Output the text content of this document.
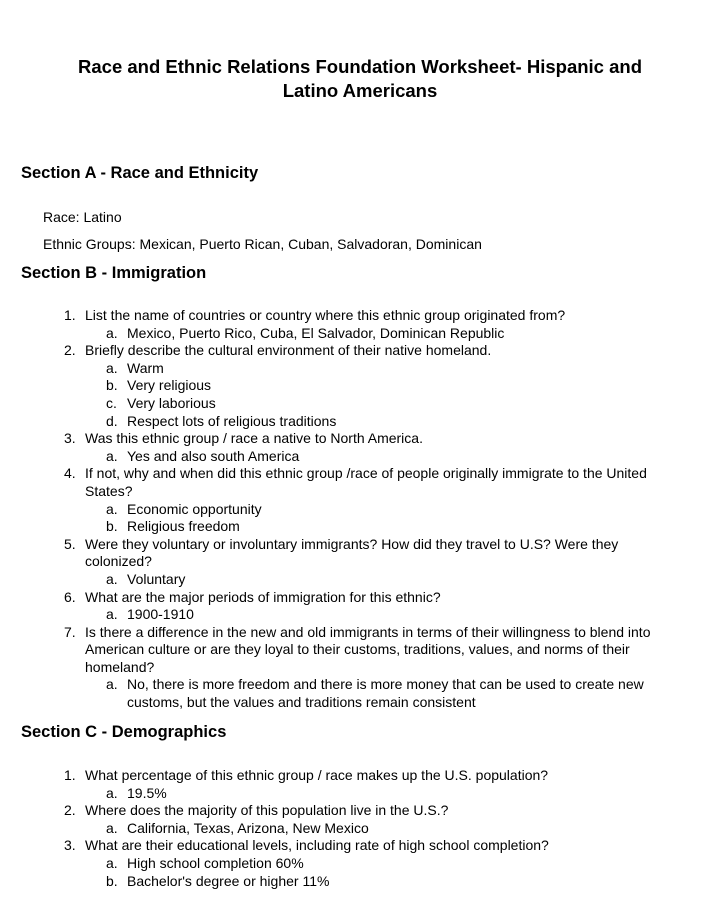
Race and Ethnic Relations Foundation Worksheet- Hispanic and
Latino Americans
Section A - Race and Ethnicity
Race: Latino
Ethnic Groups: Mexican, Puerto Rican, Cuban, Salvadoran, Dominican
Section B - Immigration
1. List the name of countries or country where this ethnic group originated from?
a. Mexico, Puerto Rico, Cuba, El Salvador, Dominican Republic
2. Briefly describe the cultural environment of their native homeland.
a. Warm
b. Very religious
c. Very laborious
d. Respect lots of religious traditions
3. Was this ethnic group / race a native to North America.
a. Yes and also south America
4. If not, why and when did this ethnic group /race of people originally immigrate to the United States?
a. Economic opportunity
b. Religious freedom
5. Were they voluntary or involuntary immigrants? How did they travel to U.S? Were they colonized?
a. Voluntary
6. What are the major periods of immigration for this ethnic?
a. 1900-1910
7. Is there a difference in the new and old immigrants in terms of their willingness to blend into American culture or are they loyal to their customs, traditions, values, and norms of their homeland?
a. No, there is more freedom and there is more money that can be used to create new customs, but the values and traditions remain consistent
Section C - Demographics
1. What percentage of this ethnic group / race makes up the U.S. population?
a. 19.5%
2. Where does the majority of this population live in the U.S.?
a. California, Texas, Arizona, New Mexico
3. What are their educational levels, including rate of high school completion?
a. High school completion 60%
b. Bachelor's degree or higher 11%
